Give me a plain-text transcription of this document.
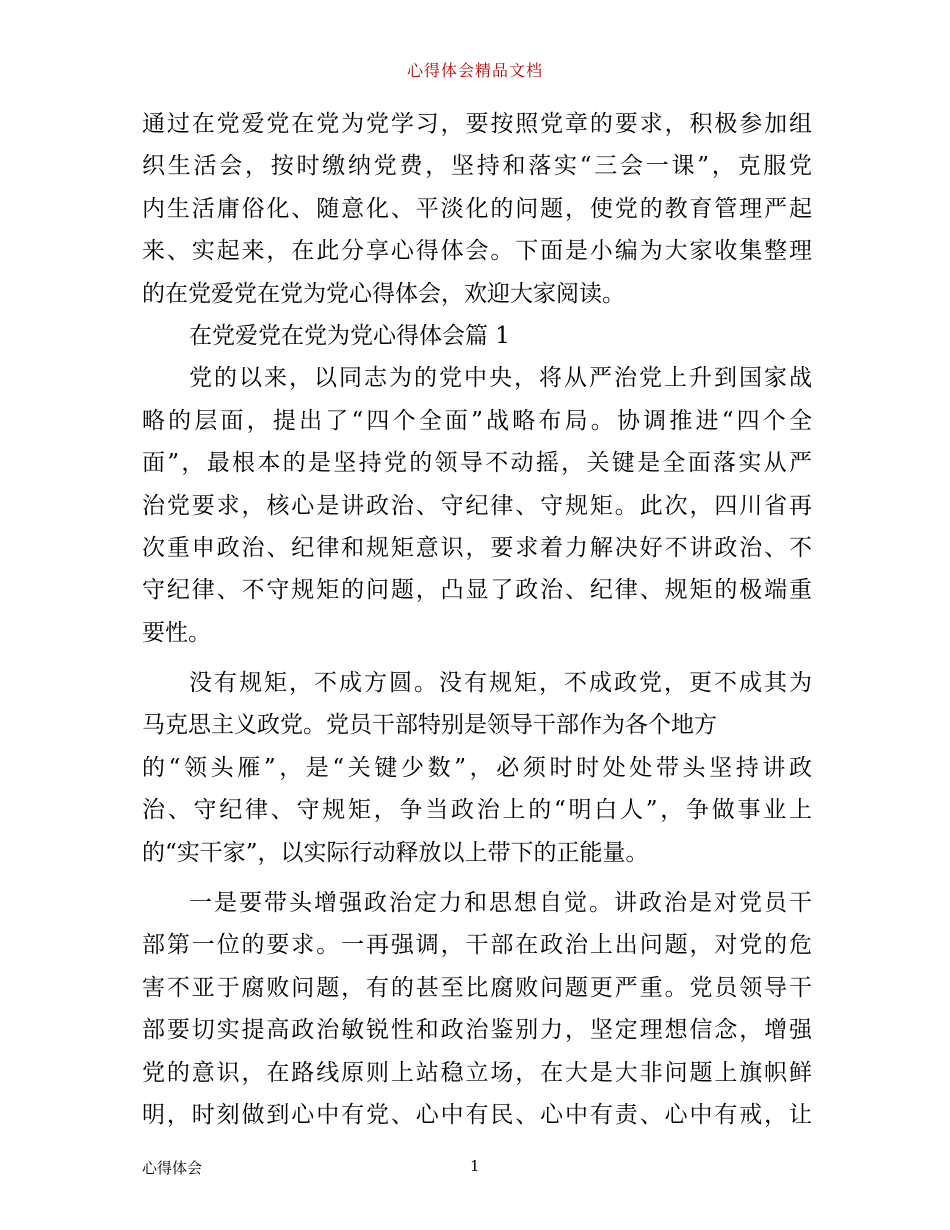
心得体会精品文档
通过在党爱党在党为党学习，要按照党章的要求，积极参加组
织生活会，按时缴纳党费，坚持和落实“三会一课”，克服党
内生活庸俗化、随意化、平淡化的问题，使党的教育管理严起
来、实起来，在此分享心得体会。下面是小编为大家收集整理
的在党爱党在党为党心得体会，欢迎大家阅读。
在党爱党在党为党心得体会篇 1
党的以来，以同志为的党中央，将从严治党上升到国家战
略的层面，提出了“四个全面”战略布局。协调推进“四个全
面”，最根本的是坚持党的领导不动摇，关键是全面落实从严
治党要求，核心是讲政治、守纪律、守规矩。此次，四川省再
次重申政治、纪律和规矩意识，要求着力解决好不讲政治、不
守纪律、不守规矩的问题，凸显了政治、纪律、规矩的极端重
要性。
没有规矩，不成方圆。没有规矩，不成政党，更不成其为
马克思主义政党。党员干部特别是领导干部作为各个地方
的“领头雁”，是“关键少数”，必须时时处处带头坚持讲政
治、守纪律、守规矩，争当政治上的“明白人”，争做事业上
的“实干家”，以实际行动释放以上带下的正能量。
一是要带头增强政治定力和思想自觉。讲政治是对党员干
部第一位的要求。一再强调，干部在政治上出问题，对党的危
害不亚于腐败问题，有的甚至比腐败问题更严重。党员领导干
部要切实提高政治敏锐性和政治鉴别力，坚定理想信念，增强
党的意识，在路线原则上站稳立场，在大是大非问题上旗帜鲜
明，时刻做到心中有党、心中有民、心中有责、心中有戒，让
心得体会	1
